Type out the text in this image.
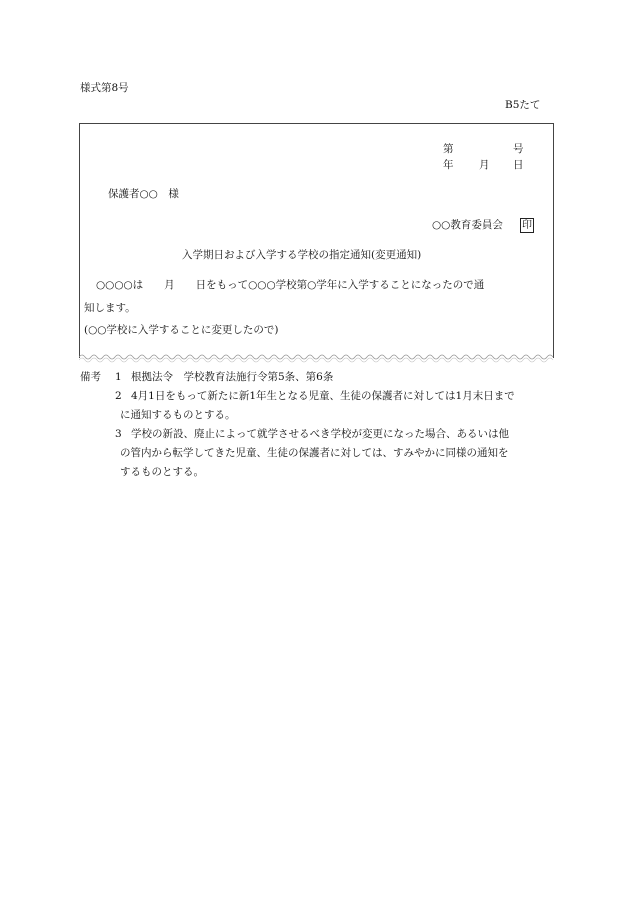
様式第8号
B5たて
第	号
年 月 日
保護者○○　様
○○教育委員会 印
入学期日および入学する学校の指定通知(変更通知)
○○○○は　　月　　日をもって○○○学校第○学年に入学することになったので通
知します。
(○○学校に入学することに変更したので)
備考 1 根拠法令　学校教育法施行令第5条、第6条
2 4月1日をもって新たに新1年生となる児童、生徒の保護者に対しては1月末日まで
に通知するものとする。
3 学校の新設、廃止によって就学させるべき学校が変更になった場合、あるいは他
の管内から転学してきた児童、生徒の保護者に対しては、すみやかに同様の通知を
するものとする。
